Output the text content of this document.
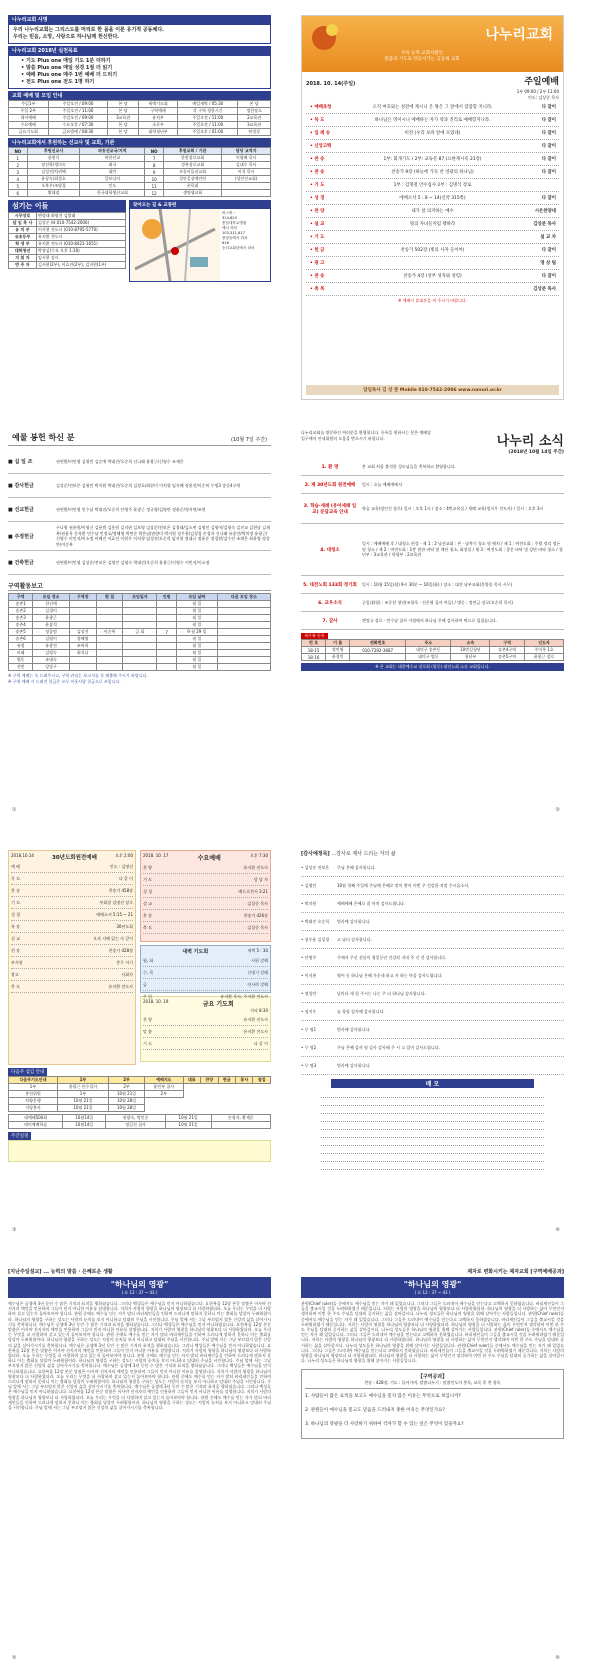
나누리교회 사명
우리 나누리교회는 그리스도를 머리로 한 몸을 이룬 유기적 공동체다.
우리는 믿음, 소망, 사랑으로 하나님께 헌신한다.
나누리교회 2018년 실천목표
• 기도 Plus one 매일 기도 1분 더하기
• 말씀 Plus one 매일 성경 1절 더 읽기
• 예배 Plus one 매주 1번 예배 더 드리기
• 전도 Plus one 전도 1명 하기
교회 예배 및 모임 안내
주일1부	주일오전 / 09:00	본 당	새벽기도회	매일새벽 / 05:30	본 당
주일 2부	주일오전 / 11:00	본 당	구역예배	각 구역 정한시간	정한장소
데이예배	주일오전 / 09:00	3교육관	유치부	주일오전 / 11:00	2교육관
수요예배	수요오후 / 07:30	본 당	초등부	주일오전 / 11:00	3교육관
금요기도회	금요밤예 / 08:30	본 당	대학청년부	주일오후 / 01:00	북정성
나누리교회에서 후원하는 선교사 및 교회, 기관
NO	후원선교사	파송선교국/지역	NO	후원교회 / 기관	담당 교역자
1	용현식	북한선교	7	한빛장로교회	이평배 목사
2	장선학/정미숙	태국	8	성복장로교회	김대우 목사
3	김성진/차귀혜	대만	9	모퉁이돌선교회	이석 목사
4	유상숙/최경호	캄보디아	10	성안길장애인단	(성인선교회)
5	오복우/조영경	인도	11	폰목회	
6	황대겸	한국대학생선교회	12	생명샘교회	
섬기는 이들
시무장로	엔정태 최명진 김열래
담 임 목 사	김상준 (H.010-7542-2006)
유 치 부	이지현 전도사 (010-8795-5770)
유초등부	유지환 전도사
학 생 부	유지환 전도사 (010-8421-1651)
대학청년	박정삼(수요 오후 1:30)
지 휘 자	임지현 강사
반 주 자	김서현(2부), 이효진(2부), 김지현(1부)
찾아오는 길 & 교통편
버스번 :
314,620
충남대학교병원
에서 하차
103,311,617
중앙동에서 하차
616
승리교회앞에서 하차
나누리교회
주의 능력 교회사람인
말씀과 기도로 만들어가는 공동체 교회
2018. 10. 14(주일)	주일예배
1부 09:00 / 2부 11:00
인도: 김상준 목사
• 예배초청	오직 여호와는 성전에 계시니 온 땅은 그 앞에서 잠잠할 지니라.	다 같이
• 묵 도	하나님은 영이시니 예배하는 자가 영과 진리로 예배할지니라.	다 같이
• 입 례 송	비전 (우리 보좌 앞에 모였네)	다 같이
• 신앙고백	다 같이
• 찬 송	1부: 회개기도 / 2부: 교독문 87 (요한계시록 21장)	다 같이
• 찬 송	찬송가 9장 (하늘에 가득 찬 영광의 하나님)	다 같이
• 기 도	1부 : 김명철 안수집사 2부 : 김명식 장로
• 성 경	에베소서 5 : 8 ~ 14(신약 315쪽)	다 같이
• 찬 양	내가 참 의지하는 예수	시온찬양대
• 설 교	빛의 자녀들처럼 행하라	김상준 목사
• 기 도	설 교 자
• 헌 금	찬송가 502장 (빛의 사자 들이여)	다 같이
• 광 고	영 상 팀
• 찬 송	찬송가 4장 (성부 성자와 성령)	다 같이
• 축 복	김상준 목사
※ 예배시 휴대폰을 꺼 주시기 바랍니다.
담임목사 김 상 준 Mobile 010-7542-2006 www.nanuri.or.kr
예물 봉헌 하신 분	(10월 7일 주간)
■ 십 일 조	권연환/이민영 김영민 김순애 박대진/오순희 신나래 윤광근/신영수 조재은
■ 감사헌금	김상준/전보은 김영민 박지원 박대진/오순희 김장호/최현미 이치형 임지혜 정윤진/이순복 무명3 송준4구역
■ 선교헌금	권연환/이민영 민수남 박대진/오순희 안영주 윤광근 정규영/김영란 정윤준/정서연/조연
■ 주정헌금
구나영 권윤원/이영신 김용범 김홍원 김지현 김보영 김상준/전보은 김경태/김소연 김영민 김영이/김영숙 김진교 김현남 김재복/권윤옥 문옥환 민수남 민정호/정혜영 박연순 박은남/권양미 박지원 성우용/김성경 손경자 신나래 유종만/박미정 윤광근/신영수 이민지/이소정 이혜진 이효진 이현우 이치형 임성진/오순희 임지현 정대규 정윤준 정경원/김수진 조재은 최윤영 정성만/이순복
■ 건축헌금	권연환/이민영 김상준/전보은 김영민 김영숙 박대진/오순희 윤광근/신영수 이민지/이소정
구역활동보고
구역	모임 장소	구역장	편 집	모임일자	인원	모임 날짜	다음 모임 장소
송촌1	한선애					월 일	
송촌2	김경이					월 일	
송촌3	윤광근					월 일	
송촌4	윤삼석					월 일	
송촌5	정종범	김상진	이순복	금 회	7	9 월 29 일	
송촌6	김영이	정혜명				월 일	
유정	유광진	조복희				월 일	
비래	김영숙	최석남				월 일	
법동	조명숙					월 일	
전민	강상구					월 일	
※ 구역 예배는 꼭 드려주시고, 구역 관리는 보고서를 꼭 제출해 주시기 바랍니다.
※ 구역 예배 시 드려진 헌금은 모두 이웃사랑 헌금으로 쓰입니다.
①
나누리교회를 방문하신 여러분을 환영합니다. 등록을 원하시는 분은 예배당 입구에서 안내위원의 도움을 받으시기 바랍니다.	나누리 소식
(2018년 10월 14일 주간)
1. 환 영	본 교회 처음 출석한 성도님들을 축복하고 환영합니다.
2. 제 30년도회 원전예배	일시 : 오늘 예배예배서
3. 학습·세례 (유아세례 입교) 문답교육 안내
학습 교육(정인진 장로) 일시 : 오후 1시 / 장소 : 4번교육실 / 세례 교육(정지우 전도사) / 일시 : 오후 3시
4. 대청소
일시 : 예배예배 후 / 대청소 편성 - 제 1 : 2 남선교회 : 본 · 남쪽기 청소 및 배치 / 제 1 : 여전도회 : 주방 정리 정돈 및 청소 / 제 2 : 여전도회 : 1층 현관 바닥 및 계단 청소, 화장실 / 제 3 : 여전도회 : 창문 바닥 및 강단 바닥 청소 / 청년부 : 3교육관 / 학생부 : 2교육관
5. 대전노회 133회 정기회	일시 : 10월 15일(월) 9시 30분 ~ 16일(화) / 장소 : 대전 남부교회(목양종 목사 시무)
6. 교우소식	군입대(평) : 조동헌 청년(조항욱 · 신은영 집사 아들) / 병중 : 정연금 장로(오순희 목사)
7. 감사	엔정규 장로 · 민수남 집사 가정에서 하나님 은혜 감사하여 떡으로 섬겼습니다.
새가족 등록
번 호	이 름	전화번호	주소	소속	구역	인도자
18-15	정인영	010-7292-3687	대덕구 송촌동	10번길청년	송촌4구역	주미옥 1호
18-16	윤경민		대덕구 법동	청년부	송촌5구역	윤광근 장로
※ 본 교회는 대한예수교 장로회 (합동) 대전노회 소속 교회입니다.
②
2018.10.14	30년도회원전예배	오후 2:00
예 배	인도 : 김명진
묵 도	다 같 이
찬 송	찬송가 458장
기 도	부회장 김명진 장로
성 경	에베소서 5:15 ~ 21
특 송	30년도회
설 교	오직 지혜 있는 자 같이
헌 송	찬송가 428장
부서장	총무 서기
광고	사회자
축 도	유지환 전도사
2018. 10. 17	수요예배	오후 7:30
찬 양	유지환 전도사
기 도	담 당 자
성 경	베드로전서 3:21
설 교	김상준 목사
찬 송	찬송가 426장
축 도	김상준 목사
새벽 기도회	새벽 5 : 30
월, 화	시편 강해
수, 목	신명기 강해
금	이사야 강해
주 일	유지환 목사, 주지환 전도사
2018. 10. 19	금요 기도회
저녁 8:30
찬 양	유지환 전도사
말 씀	유지환 전도사
기 도	다 같 이
다음주 섬김 안내
다음주기도안내	1부	2부	예배지도	대표	찬양	헌금	봉사	점검
1부	윤광근 안수집사	2부	윤민부 집사					
봉헌위원	1부	10월 21일	2부					
차량운행	10월 21일	10월 28일						
식당봉사	10월 21일	10월 28일						
대예배500회	10월14일	권광숙, 박인순	10월 21일	손정자, 황재순
테이예배학습	10월14일	정길선 집사	10월 21일	
주간일정
③
[감사예정목] ...감사로 제사 드리는 자의 삶
• 김상준 전보은	주님 은혜 감사합니다.
• 김영민	10월 첫째 주일에 주님께 은혜로 맞이 받아 이번 주 건강한 지킴 주시옵소서.
• 박지원	예배예배 은혜로 잘 마치 감사드립니다.
• 박대진 오순희	범사에 감사합니다.
• 성우용 김성경	고 남녀 감사합니다.
• 안영주	주께서 주신 선물이 평일동안 건강히 지내 주 신 것 감사합니다.
• 이지현	영어 동 하나님 은혜 가운데 하고 자 하는 마음 감사드립니다.
• 정성만	날마다 새 힘 주시는 나는 주 더 하나님 감사합니다.
• 정지우	늘 항상 감사해 감사합니다.
• 무 명1	범사에 감사합니다.
• 무 명2	주님 은혜 감사 및 감사 감사해 주 시 고 있어 감사드립니다.
• 무 명3	범사에 감사합니다.
메 모
④
[지난주일설교] ... 능력의 말씀 · 은혜로운 생활
"하나님의 영광"
( 요 12 : 37 ~ 43 )
예수님은 공생애 3년 동안 수 많은 기적과 표적을 행하셨습니다. 그러나 백성들은 예수님을 믿지 아니하였습니다. 요한복음 12장 본문 말씀은 이사야 선지자의 예언을 인용하며 그들이 믿지 아니한 이유를 설명합니다. 저희가 사람의 영광을 하나님의 영광보다 더 사랑하였더라. 오늘 우리는 무엇을 더 사랑하며 살고 있는지 돌아보아야 합니다. 관원 중에도 예수를 믿는 자가 많되 바리새인들을 인하여 드러나게 말하지 못하니 이는 출회를 당할까 두려워함이라. 하나님의 영광을 구하는 성도는 사람의 눈치를 보지 아니하고 담대히 주님을 시인합니다. 주님 앞에 서는 그날 부끄럽지 않은 신앙의 삶을 살아가시기를 축복합니다. 예수님은 공생애 3년 동안 수 많은 기적과 표적을 행하셨습니다. 그러나 백성들은 예수님을 믿지 아니하였습니다. 요한복음 12장 본문 말씀은 이사야 선지자의 예언을 인용하며 그들이 믿지 아니한 이유를 설명합니다. 저희가 사람의 영광을 하나님의 영광보다 더 사랑하였더라. 오늘 우리는 무엇을 더 사랑하며 살고 있는지 돌아보아야 합니다. 관원 중에도 예수를 믿는 자가 많되 바리새인들을 인하여 드러나게 말하지 못하니 이는 출회를 당할까 두려워함이라. 하나님의 영광을 구하는 성도는 사람의 눈치를 보지 아니하고 담대히 주님을 시인합니다. 주님 앞에 서는 그날 부끄럽지 않은 신앙의 삶을 살아가시기를 축복합니다. 예수님은 공생애 3년 동안 수 많은 기적과 표적을 행하셨습니다. 그러나 백성들은 예수님을 믿지 아니하였습니다. 요한복음 12장 본문 말씀은 이사야 선지자의 예언을 인용하며 그들이 믿지 아니한 이유를 설명합니다. 저희가 사람의 영광을 하나님의 영광보다 더 사랑하였더라. 오늘 우리는 무엇을 더 사랑하며 살고 있는지 돌아보아야 합니다. 관원 중에도 예수를 믿는 자가 많되 바리새인들을 인하여 드러나게 말하지 못하니 이는 출회를 당할까 두려워함이라. 하나님의 영광을 구하는 성도는 사람의 눈치를 보지 아니하고 담대히 주님을 시인합니다. 주님 앞에 서는 그날 부끄럽지 않은 신앙의 삶을 살아가시기를 축복합니다. 예수님은 공생애 3년 동안 수 많은 기적과 표적을 행하셨습니다. 그러나 백성들은 예수님을 믿지 아니하였습니다. 요한복음 12장 본문 말씀은 이사야 선지자의 예언을 인용하며 그들이 믿지 아니한 이유를 설명합니다. 저희가 사람의 영광을 하나님의 영광보다 더 사랑하였더라. 오늘 우리는 무엇을 더 사랑하며 살고 있는지 돌아보아야 합니다. 관원 중에도 예수를 믿는 자가 많되 바리새인들을 인하여 드러나게 말하지 못하니 이는 출회를 당할까 두려워함이라. 하나님의 영광을 구하는 성도는 사람의 눈치를 보지 아니하고 담대히 주님을 시인합니다. 주님 앞에 서는 그날 부끄럽지 않은 신앙의 삶을 살아가시기를 축복합니다. 예수님은 공생애 3년 동안 수 많은 기적과 표적을 행하셨습니다. 그러나 백성들은 예수님을 믿지 아니하였습니다. 요한복음 12장 본문 말씀은 이사야 선지자의 예언을 인용하며 그들이 믿지 아니한 이유를 설명합니다. 저희가 사람의 영광을 하나님의 영광보다 더 사랑하였더라. 오늘 우리는 무엇을 더 사랑하며 살고 있는지 돌아보아야 합니다. 관원 중에도 예수를 믿는 자가 많되 바리새인들을 인하여 드러나게 말하지 못하니 이는 출회를 당할까 두려워함이라. 하나님의 영광을 구하는 성도는 사람의 눈치를 보지 아니하고 담대히 주님을 시인합니다. 주님 앞에 서는 그날 부끄럽지 않은 신앙의 삶을 살아가시기를 축복합니다.
⑤
제자로 변화시키는 제자교회 [구역예배공과]
"하나님의 영광"
( 요 12 : 37 ~ 43 )
관원(Chief ruler)들 중에서도 예수님을 믿는 자가 꽤 있었습니다. 그러나 그들은 드러내어 예수님을 믿는다고 고백하지 못하였습니다. 바리새인들이 그들을 출교시킬 것을 두려워하였기 때문입니다. 저희는 사람의 영광을 하나님의 영광보다 더 사랑하였더라. 하나님의 영광을 더 사랑하는 삶이 무엇인지 생각하며 이번 한 주도 주님을 담대히 증거하는 삶을 살아갑시다. 나누리 성도들은 하나님의 영광을 위해 살아가는 사람들입니다. 관원(Chief ruler)들 중에서도 예수님을 믿는 자가 꽤 있었습니다. 그러나 그들은 드러내어 예수님을 믿는다고 고백하지 못하였습니다. 바리새인들이 그들을 출교시킬 것을 두려워하였기 때문입니다. 저희는 사람의 영광을 하나님의 영광보다 더 사랑하였더라. 하나님의 영광을 더 사랑하는 삶이 무엇인지 생각하며 이번 한 주도 주님을 담대히 증거하는 삶을 살아갑시다. 나누리 성도들은 하나님의 영광을 위해 살아가는 사람들입니다. 관원(Chief ruler)들 중에서도 예수님을 믿는 자가 꽤 있었습니다. 그러나 그들은 드러내어 예수님을 믿는다고 고백하지 못하였습니다. 바리새인들이 그들을 출교시킬 것을 두려워하였기 때문입니다. 저희는 사람의 영광을 하나님의 영광보다 더 사랑하였더라. 하나님의 영광을 더 사랑하는 삶이 무엇인지 생각하며 이번 한 주도 주님을 담대히 증거하는 삶을 살아갑시다. 나누리 성도들은 하나님의 영광을 위해 살아가는 사람들입니다. 관원(Chief ruler)들 중에서도 예수님을 믿는 자가 꽤 있었습니다. 그러나 그들은 드러내어 예수님을 믿는다고 고백하지 못하였습니다. 바리새인들이 그들을 출교시킬 것을 두려워하였기 때문입니다. 저희는 사람의 영광을 하나님의 영광보다 더 사랑하였더라. 하나님의 영광을 더 사랑하는 삶이 무엇인지 생각하며 이번 한 주도 주님을 담대히 증거하는 삶을 살아갑시다. 나누리 성도들은 하나님의 영광을 위해 살아가는 사람들입니다.
【구역공과】
찬송 : 428장, 기도 : 돌아가며, 말씀나누기 : 말씀인도자 봉독, 교독 후 찬 합독
1. 사람들이 많은 표적을 보고도 예수님을 믿지 않은 이유는 무엇으로 보입니까?
2. 관원들이 예수님을 믿고도 믿음을 드러내지 못한 이유는 무엇인가요?
3. 하나님의 영광을 더 사랑하기 위하여 각자가 할 수 있는 일은 무엇이 있을까요?
⑥
